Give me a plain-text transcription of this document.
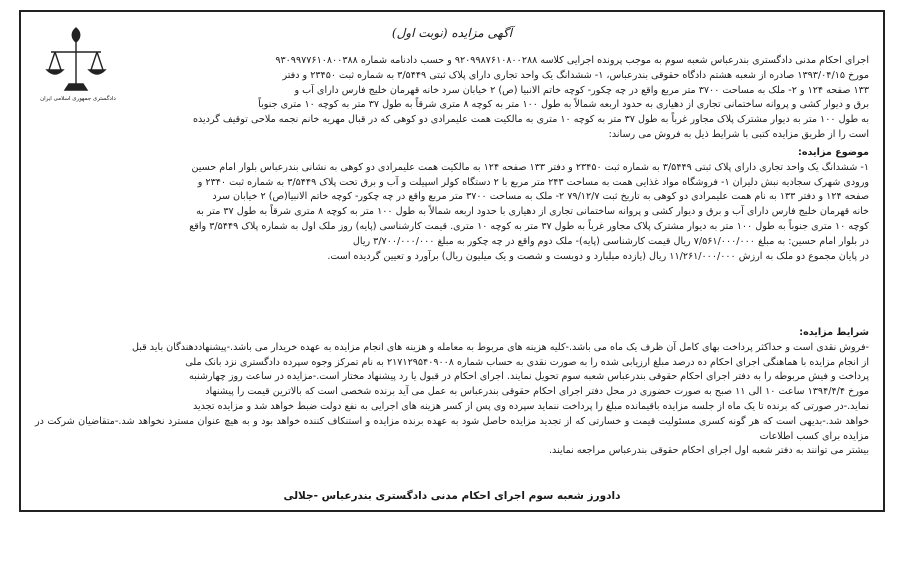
آگهی مزایده (نوبت اول)
دادگستری جمهوری اسلامی ایران

اجرای احکام مدنی دادگستری بندرعباس شعبه سوم به موجب پرونده اجرایی کلاسه ۹۲۰۹۹۸۷۶۱۰۸۰۰۲۸۸ و حسب دادنامه شماره ۹۳۰۹۹۷۷۶۱۰۸۰۰۳۸۸

مورخ ۱۳۹۳/۰۴/۱۵ صادره از شعبه هشتم دادگاه حقوقی بندرعباس، ۱- ششدانگ یک واحد تجاری دارای پلاک ثبتی ۳/۵۴۴۹ به شماره ثبت ۲۳۴۵۰ و دفتر

۱۳۳ صفحه ۱۲۴ و ۲- ملک به مساحت ۳۷۰۰ متر مربع واقع در چه چکور- کوچه خاتم الانبیا (ص) ۲ خیابان سرد خانه قهرمان خلیج فارس دارای آب و

برق و دیوار کشی و پروانه ساختمانی تجاری از دهیاری به حدود اربعه شمالاً به طول ۱۰۰ متر به کوچه ۸ متری شرقاً به طول ۳۷ متر به کوچه ۱۰ متری جنوباً

به طول ۱۰۰ متر به دیوار مشترک پلاک مجاور غرباً به طول ۳۷ متر به کوچه ۱۰ متری به مالکیت همت علیمرادی دو کوهی که در قبال مهریه خانم نجمه ملاحی توقیف گردیده

است را از طریق مزایده کتبی با شرایط ذیل به فروش می رساند:

موضوع مزایده:

۱- ششدانگ یک واحد تجاری دارای پلاک ثبتی ۳/۵۴۴۹ به شماره ثبت ۲۳۴۵۰ و دفتر ۱۳۳ صفحه ۱۲۴ به مالکیت همت علیمرادی دو کوهی به نشانی بندرعباس بلوار امام حسین

ورودی شهرک سجادیه نبش دلیران ۱- فروشگاه مواد غذایی همت به مساحت ۲۴۳ متر مربع با ۲ دستگاه کولر اسپیلت و آب و برق تحت پلاک ۳/۵۴۴۹ به شماره ثبت ۲۳۴۰ و

صفحه ۱۲۴ و دفتر ۱۳۳ به نام همت علیمرادی دو کوهی به تاریخ ثبت ۷۹/۱۲/۷ ۲- ملک به مساحت ۳۷۰۰ متر مربع واقع در چه چکور- کوچه خاتم الانبیا(ص) ۲ خیابان سرد

خانه قهرمان خلیج فارس دارای آب و برق و دیوار کشی و پروانه ساختمانی تجاری از دهیاری با حدود اربعه شمالاً به طول ۱۰۰ متر به کوچه ۸ متری شرقاً به طول ۳۷ متر به

کوچه ۱۰ متری جنوباً به طول ۱۰۰ متر به دیوار مشترک پلاک مجاور غرباً به طول ۳۷ متر به کوچه ۱۰ متری. قیمت کارشناسی (پایه) روز ملک اول به شماره پلاک ۳/۵۴۴۹ واقع

در بلوار امام حسین: به مبلغ ۷/۵۶۱/۰۰۰/۰۰۰ ریال قیمت کارشناسی (پایه)- ملک دوم واقع در چه چکور به مبلغ ۳/۷۰۰/۰۰۰/۰۰۰ ریال

در پایان مجموع دو ملک به ارزش ۱۱/۲۶۱/۰۰۰/۰۰۰ ریال (یازده میلیارد و دویست و شصت و یک میلیون ریال) برآورد و تعیین گردیده است.

شرایط مزایده:

-فروش نقدی است و حداکثر پرداخت بهای کامل آن ظرف یک ماه می باشد.-کلیه هزینه های مربوط به معامله و هزینه های انجام مزایده به عهده خریدار می باشد.-پیشنهاددهندگان باید قبل

از انجام مزایده با هماهنگی اجرای احکام ده درصد مبلغ ارزیابی شده را به صورت نقدی به حساب شماره ۲۱۷۱۲۹۵۴۰۹۰۰۸ به نام تمرکز وجوه سپرده دادگستری نزد بانک ملی

پرداخت و فیش مربوطه را به دفتر اجرای احکام حقوقی بندرعباس شعبه سوم تحویل نمایند. اجرای احکام در قبول یا رد پیشنهاد مختار است.-مزایده در ساعت روز چهارشنبه

مورخ ۱۳۹۴/۴/۴ ساعت ۱۰ الی ۱۱ صبح به صورت حضوری در محل دفتر اجرای احکام حقوقی بندرعباس به عمل می آید برنده شخصی است که بالاترین قیمت را پیشنهاد

نماید.-در صورتی که برنده تا یک ماه از جلسه مزایده باقیمانده مبلغ را پرداخت ننماید سپرده وی پس از کسر هزینه های اجرایی به نفع دولت ضبط خواهد شد و مزایده تجدید

خواهد شد.-بدیهی است که هر گونه کسری مسئولیت قیمت و خسارتی که از تجدید مزایده حاصل شود به عهده برنده مزایده و استنکاف کننده خواهد بود و به هیچ عنوان مسترد نخواهد شد.-متقاضیان شرکت در مزایده برای کسب اطلاعات

بیشتر می توانند به دفتر شعبه اول اجرای احکام حقوقی بندرعباس مراجعه نمایند.

دادورز شعبه سوم اجرای احکام مدنی دادگستری بندرعباس -جلالی
